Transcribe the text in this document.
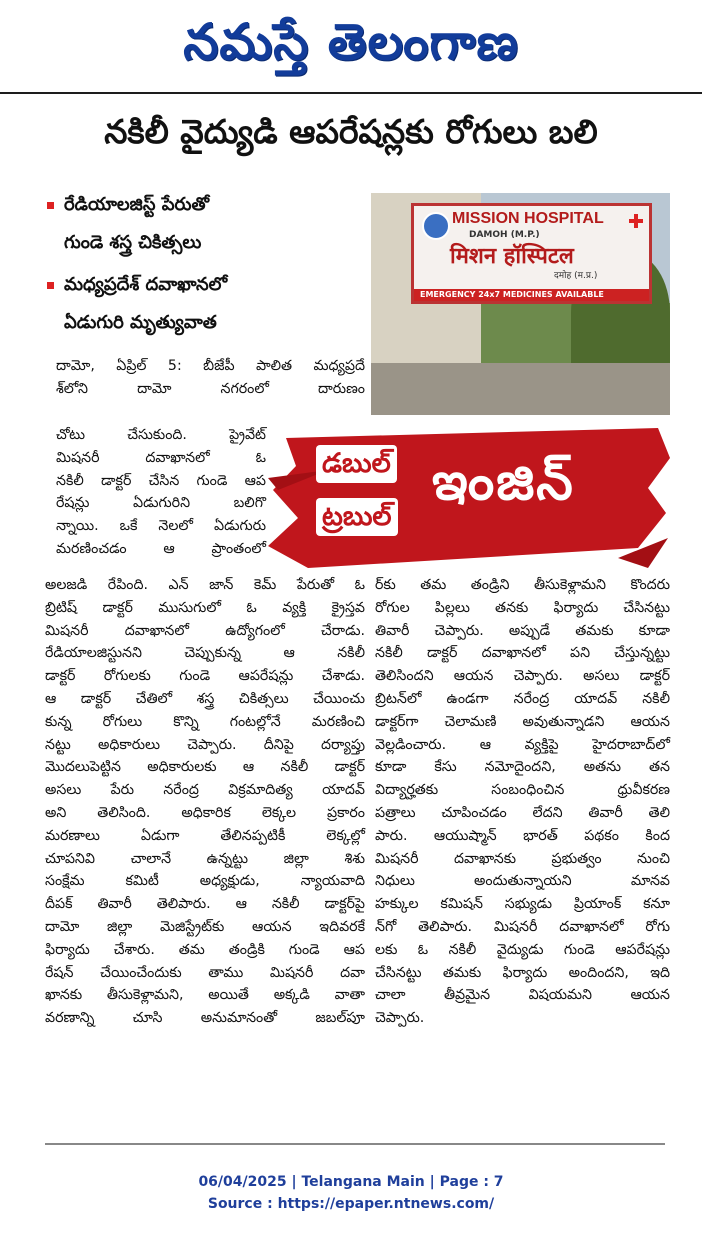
నమస్తే తెలంగాణ
నకిలీ వైద్యుడి ఆపరేషన్లకు రోగులు బలి
రేడియాలజిస్ట్ పేరుతో
గుండె శస్త్ర చికిత్సలు
మధ్యప్రదేశ్ దవాఖానలో
ఏడుగురి మృత్యువాత
MISSION HOSPITAL
DAMOH (M.P.)
मिशन हॉस्पिटल
दमोह (म.प्र.)
EMERGENCY 24x7 MEDICINES AVAILABLE
డబుల్
ట్రబుల్
ఇంజిన్

దామో, ఏప్రిల్ 5: బీజేపీ పాలిత మధ్యప్రదే

శ్‌లోని దామో నగరంలో దారుణం

చోటు చేసుకుంది. ప్రైవేట్

మిషనరీ దవాఖానలో ఓ

నకిలీ డాక్టర్ చేసిన గుండె ఆప

రేషన్లు ఏడుగురిని బలిగొ

న్నాయి. ఒకే నెలలో ఏడుగురు

మరణించడం ఆ ప్రాంతంలో

అలజడి రేపింది. ఎన్ జాన్ కెమ్ పేరుతో ఓ

బ్రిటిష్ డాక్టర్ ముసుగులో ఓ వ్యక్తి క్రైస్తవ

మిషనరీ దవాఖానలో ఉద్యోగంలో చేరాడు.

రేడియాలజిస్టునని చెప్పుకున్న ఆ నకిలీ

డాక్టర్ రోగులకు గుండె ఆపరేషన్లు చేశాడు.

ఆ డాక్టర్ చేతిలో శస్త్ర చికిత్సలు చేయించు

కున్న రోగులు కొన్ని గంటల్లోనే మరణించి

నట్టు అధికారులు చెప్పారు. దీనిపై దర్యాప్తు

మొదలుపెట్టిన అధికారులకు ఆ నకిలీ డాక్టర్

అసలు పేరు నరేంద్ర విక్రమాదిత్య యాదవ్

అని తెలిసింది. అధికారిక లెక్కల ప్రకారం

మరణాలు ఏడుగా తేలినప్పటికీ లెక్కల్లో

చూపనివి చాలానే ఉన్నట్టు జిల్లా శిశు

సంక్షేమ కమిటీ అధ్యక్షుడు, న్యాయవాది

దీపక్ తివారీ తెలిపారు. ఆ నకిలీ డాక్టర్‌పై

దామో జిల్లా మెజిస్ట్రేట్‌కు ఆయన ఇదివరకే

ఫిర్యాదు చేశారు. తమ తండ్రికి గుండె ఆప

రేషన్ చేయించేందుకు తాము మిషనరీ దవా

ఖానకు తీసుకెళ్లామని, అయితే అక్కడి వాతా

వరణాన్ని చూసి అనుమానంతో జబల్‌పూ

ర్‌కు తమ తండ్రిని తీసుకెళ్లామని కొందరు

రోగుల పిల్లలు తనకు ఫిర్యాదు చేసినట్టు

తివారీ చెప్పారు. అప్పుడే తమకు కూడా

నకిలీ డాక్టర్ దవాఖానలో పని చేస్తున్నట్టు

తెలిసిందని ఆయన చెప్పారు. అసలు డాక్టర్

బ్రిటన్‌లో ఉండగా నరేంద్ర యాదవ్ నకిలీ

డాక్టర్‌గా చెలామణి అవుతున్నాడని ఆయన

వెల్లడించారు. ఆ వ్యక్తిపై హైదరాబాద్‌లో

కూడా కేసు నమోదైందని, అతను తన

విద్యార్హతకు సంబంధించిన ధ్రువీకరణ

పత్రాలు చూపించడం లేదని తివారీ తెలి

పారు. ఆయుష్మాన్ భారత్ పథకం కింద

మిషనరీ దవాఖానకు ప్రభుత్వం నుంచి

నిధులు అందుతున్నాయని మానవ

హక్కుల కమిషన్ సభ్యుడు ప్రియాంక్ కనూ

న్‌గో తెలిపారు. మిషనరీ దవాఖానలో రోగు

లకు ఓ నకిలీ వైద్యుడు గుండె ఆపరేషన్లు

చేసినట్టు తమకు ఫిర్యాదు అందిందని, ఇది

చాలా తీవ్రమైన విషయమని ఆయన

చెప్పారు.

06/04/2025 | Telangana Main | Page : 7
Source : https://epaper.ntnews.com/
